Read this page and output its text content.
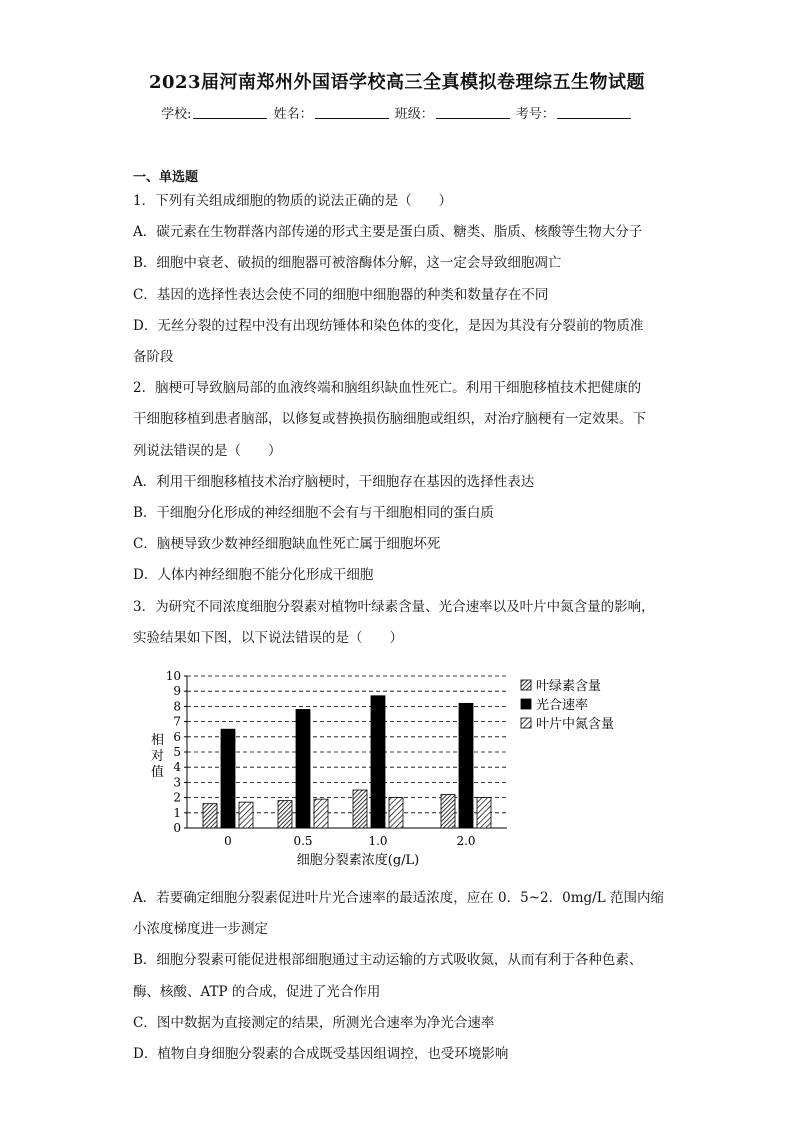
2023届河南郑州外国语学校高三全真模拟卷理综五生物试题
学校:	姓名：	班级：	考号：
一、单选题
1．下列有关组成细胞的物质的说法正确的是（　　）
A．碳元素在生物群落内部传递的形式主要是蛋白质、糖类、脂质、核酸等生物大分子
B．细胞中衰老、破损的细胞器可被溶酶体分解，这一定会导致细胞凋亡
C．基因的选择性表达会使不同的细胞中细胞器的种类和数量存在不同
D．无丝分裂的过程中没有出现纺锤体和染色体的变化，是因为其没有分裂前的物质准
备阶段
2．脑梗可导致脑局部的血液终端和脑组织缺血性死亡。利用干细胞移植技术把健康的
干细胞移植到患者脑部，以修复或替换损伤脑细胞或组织，对治疗脑梗有一定效果。下
列说法错误的是（　　）
A．利用干细胞移植技术治疗脑梗时，干细胞存在基因的选择性表达
B．干细胞分化形成的神经细胞不会有与干细胞相同的蛋白质
C．脑梗导致少数神经细胞缺血性死亡属于细胞坏死
D．人体内神经细胞不能分化形成干细胞
3．为研究不同浓度细胞分裂素对植物叶绿素含量、光合速率以及叶片中氮含量的影响，
实验结果如下图，以下说法错误的是（　　）
0
1
2
3
4
5
6
7
8
9
10
相
对
值
0	0.5	1.0	2.0
细胞分裂素浓度(g/L)
叶绿素含量
光合速率
叶片中氮含量
A．若要确定细胞分裂素促进叶片光合速率的最适浓度，应在 0．5~2．0mg/L 范围内缩
小浓度梯度进一步测定
B．细胞分裂素可能促进根部细胞通过主动运输的方式吸收氮，从而有利于各种色素、
酶、核酸、ATP 的合成，促进了光合作用
C．图中数据为直接测定的结果，所测光合速率为净光合速率
D．植物自身细胞分裂素的合成既受基因组调控，也受环境影响
